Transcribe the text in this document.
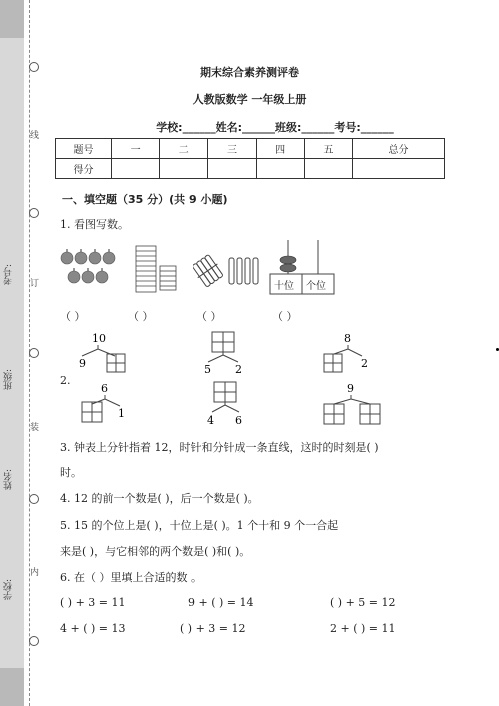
考号:
班级:
姓名:
学校:
线
订
装
内
期末综合素养测评卷
人教版数学 一年级上册
学校:______姓名:______班级:______考号:______
题号	一	二	三	四	五	总分
得分						
一、填空题（35 分）(共 9 小题)
1. 看图写数。
十位 个位
（ ）	（ ）	（ ）	（ ）
2.
10
9	5 2
8
2
6
1
4 6
9
3. 钟表上分针指着 12，时针和分针成一条直线，这时的时刻是( )
时。
4. 12 的前一个数是( )，后一个数是( )。
5. 15 的个位上是( )，十位上是( )。1 个十和 9 个一合起
来是( )，与它相邻的两个数是( )和( )。
6. 在（ ）里填上合适的数 。
( ) + 3 = 11	9 + ( ) = 14	( ) + 5 = 12
4 + ( ) = 13	( ) + 3 = 12	2 + ( ) = 11
